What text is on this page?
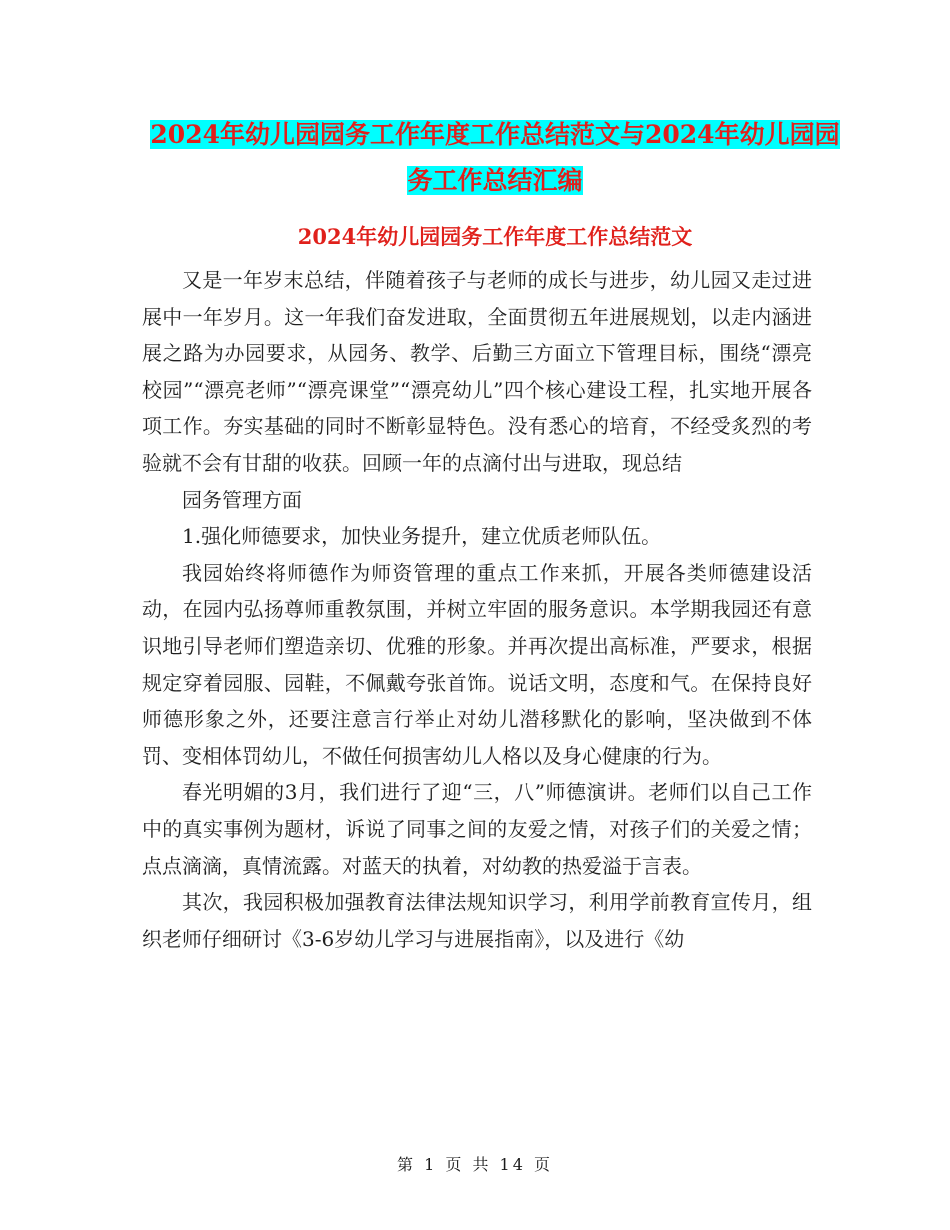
2024年幼儿园园务工作年度工作总结范文与2024年幼儿园园务工作总结汇编
2024年幼儿园园务工作年度工作总结范文

又是一年岁末总结，伴随着孩子与老师的成长与进步，幼儿园又走过进展中一年岁月。这一年我们奋发进取，全面贯彻五年进展规划，以走内涵进展之路为办园要求，从园务、教学、后勤三方面立下管理目标，围绕“漂亮校园”“漂亮老师”“漂亮课堂”“漂亮幼儿”四个核心建设工程，扎实地开展各项工作。夯实基础的同时不断彰显特色。没有悉心的培育，不经受炙烈的考验就不会有甘甜的收获。回顾一年的点滴付出与进取，现总结

园务管理方面

1.强化师德要求，加快业务提升，建立优质老师队伍。

我园始终将师德作为师资管理的重点工作来抓，开展各类师德建设活动，在园内弘扬尊师重教氛围，并树立牢固的服务意识。本学期我园还有意识地引导老师们塑造亲切、优雅的形象。并再次提出高标准，严要求，根据规定穿着园服、园鞋，不佩戴夸张首饰。说话文明，态度和气。在保持良好师德形象之外，还要注意言行举止对幼儿潜移默化的影响，坚决做到不体罚、变相体罚幼儿，不做任何损害幼儿人格以及身心健康的行为。

春光明媚的3月，我们进行了迎“三，八”师德演讲。老师们以自己工作中的真实事例为题材，诉说了同事之间的友爱之情，对孩子们的关爱之情；点点滴滴，真情流露。对蓝天的执着，对幼教的热爱溢于言表。

其次，我园积极加强教育法律法规知识学习，利用学前教育宣传月，组织老师仔细研讨《3-6岁幼儿学习与进展指南》，以及进行《幼

第 1 页 共 14 页
